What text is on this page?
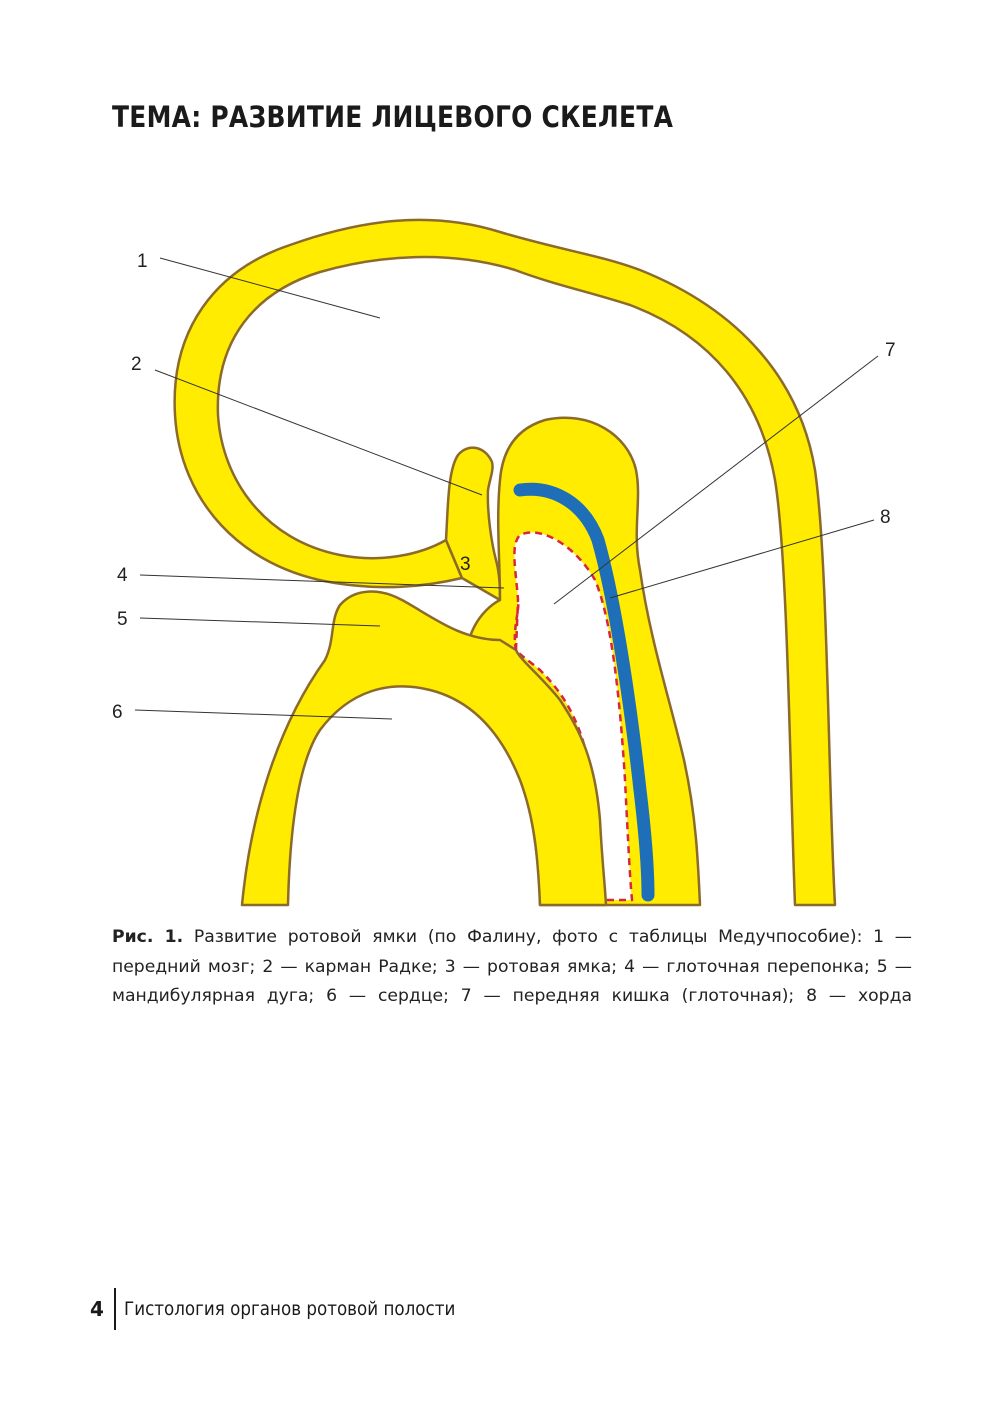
ТЕМА: РАЗВИТИЕ ЛИЦЕВОГО СКЕЛЕТА
1
2
3
4
5
6
7
8

Рис. 1. Развитие ротовой ямки (по Фалину, фото с таблицы Медучпособие): 1 — передний мозг; 2 — карман Радке; 3 — ротовая ямка; 4 — глоточная перепонка; 5 — мандибулярная дуга; 6 — сердце; 7 — передняя кишка (глоточная); 8 — хорда

4	Гистология органов ротовой полости
